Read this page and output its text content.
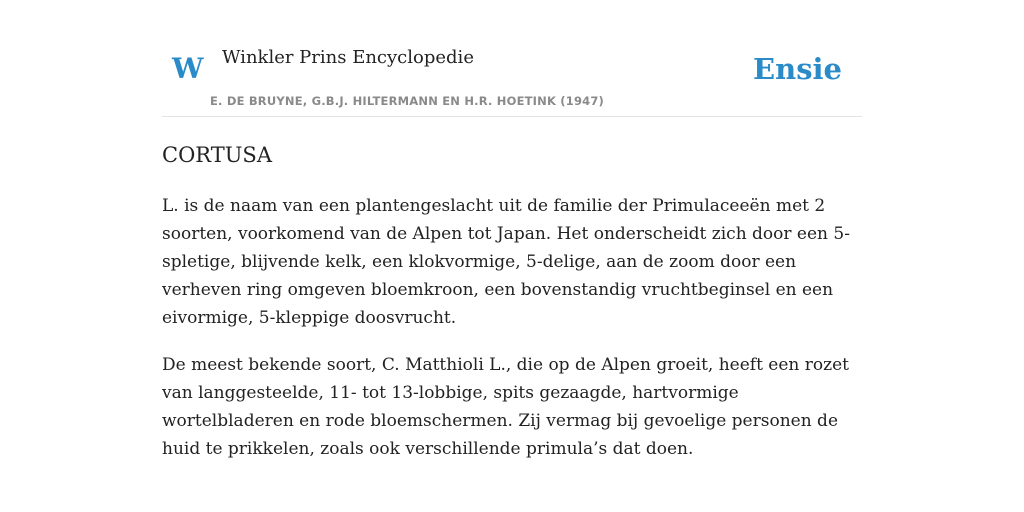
W Winkler Prins Encyclopedie
E. DE BRUYNE, G.B.J. HILTERMANN EN H.R. HOETINK (1947)
Ensie
CORTUSA

L. is de naam van een plantengeslacht uit de familie der Primulaceeën met 2 soorten, voorkomend van de Alpen tot Japan. Het onderscheidt zich door een 5-spletige, blijvende kelk, een klokvormige, 5-delige, aan de zoom door een verheven ring omgeven bloemkroon, een bovenstandig vruchtbeginsel en een eivormige, 5-kleppige doosvrucht.

De meest bekende soort, C. Matthioli L., die op de Alpen groeit, heeft een rozet van langgesteelde, 11- tot 13-lobbige, spits gezaagde, hartvormige wortelbladeren en rode bloemschermen. Zij vermag bij gevoelige personen de huid te prikkelen, zoals ook verschillende primula’s dat doen.
